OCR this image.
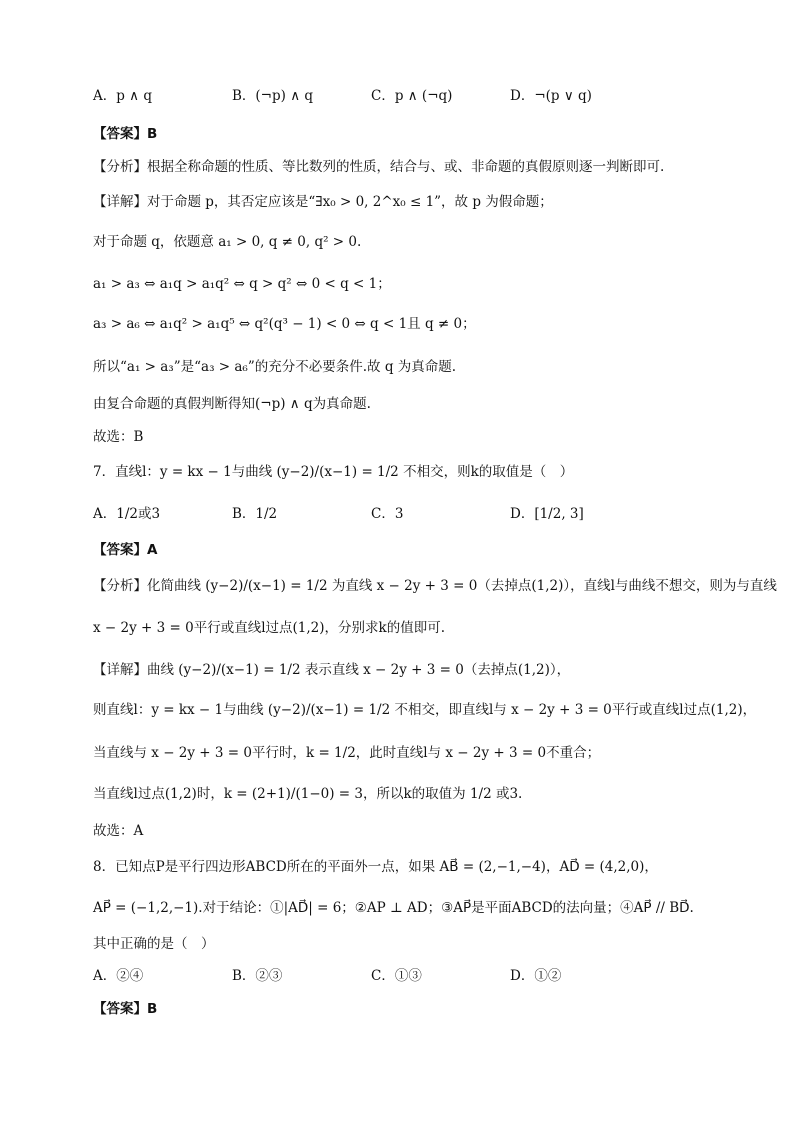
A．p ∧ q	B．(¬p) ∧ q	C．p ∧ (¬q)	D．¬(p ∨ q)
【答案】B
【分析】根据全称命题的性质、等比数列的性质，结合与、或、非命题的真假原则逐一判断即可.
【详解】对于命题 p，其否定应该是“∃x₀ > 0, 2^x₀ ≤ 1”，故 p 为假命题；
对于命题 q，依题意 a₁ > 0, q ≠ 0, q² > 0.
a₁ > a₃ ⇔ a₁q > a₁q² ⇔ q > q² ⇔ 0 < q < 1；
a₃ > a₆ ⇔ a₁q² > a₁q⁵ ⇔ q²(q³ − 1) < 0 ⇔ q < 1且 q ≠ 0；
所以“a₁ > a₃”是“a₃ > a₆”的充分不必要条件.故 q 为真命题.
由复合命题的真假判断得知(¬p) ∧ q为真命题.
故选：B
7．直线l：y = kx − 1与曲线 (y−2)/(x−1) = 1/2 不相交，则k的取值是（　）
A．1/2或3	B．1/2	C．3	D．[1/2, 3]
【答案】A
【分析】化简曲线 (y−2)/(x−1) = 1/2 为直线 x − 2y + 3 = 0（去掉点(1,2)），直线l与曲线不想交，则为与直线
x − 2y + 3 = 0平行或直线l过点(1,2)，分别求k的值即可.
【详解】曲线 (y−2)/(x−1) = 1/2 表示直线 x − 2y + 3 = 0（去掉点(1,2)），
则直线l：y = kx − 1与曲线 (y−2)/(x−1) = 1/2 不相交，即直线l与 x − 2y + 3 = 0平行或直线l过点(1,2)，
当直线与 x − 2y + 3 = 0平行时，k = 1/2，此时直线l与 x − 2y + 3 = 0不重合；
当直线l过点(1,2)时，k = (2+1)/(1−0) = 3，所以k的取值为 1/2 或3.
故选：A
8．已知点P是平行四边形ABCD所在的平面外一点，如果 AB⃗ = (2,−1,−4)，AD⃗ = (4,2,0)，
AP⃗ = (−1,2,−1).对于结论：①|AD⃗| = 6；②AP ⊥ AD；③AP⃗是平面ABCD的法向量；④AP⃗ // BD⃗.
其中正确的是（　）
A．②④	B．②③	C．①③	D．①②
【答案】B
